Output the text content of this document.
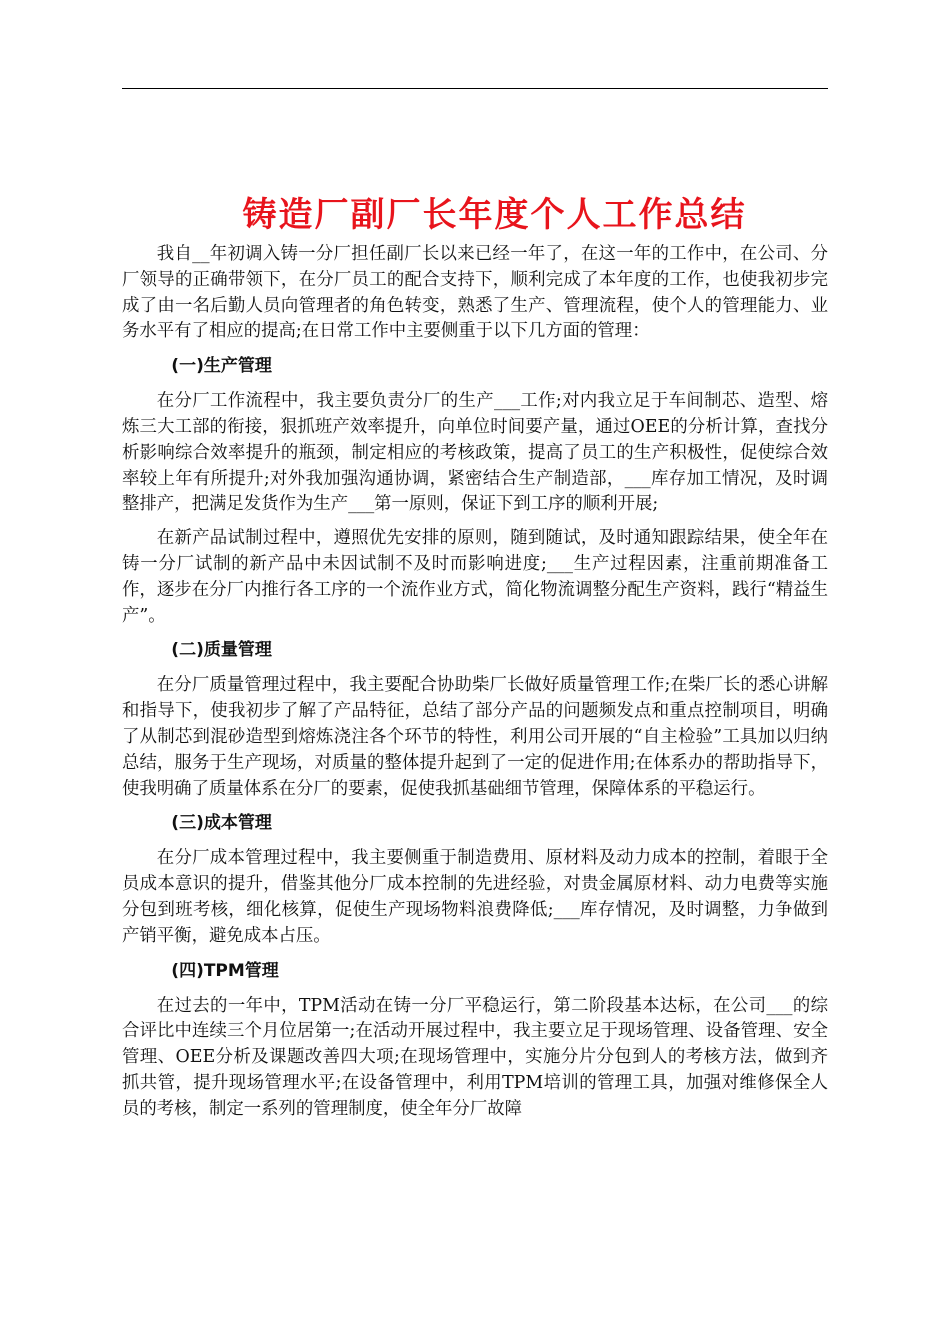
铸造厂副厂长年度个人工作总结

我自__年初调入铸一分厂担任副厂长以来已经一年了，在这一年的工作中，在公司、分厂领导的正确带领下，在分厂员工的配合支持下，顺利完成了本年度的工作，也使我初步完成了由一名后勤人员向管理者的角色转变，熟悉了生产、管理流程，使个人的管理能力、业务水平有了相应的提高;在日常工作中主要侧重于以下几方面的管理：

(一)生产管理

在分厂工作流程中，我主要负责分厂的生产___工作;对内我立足于车间制芯、造型、熔炼三大工部的衔接，狠抓班产效率提升，向单位时间要产量，通过OEE的分析计算，查找分析影响综合效率提升的瓶颈，制定相应的考核政策，提高了员工的生产积极性，促使综合效率较上年有所提升;对外我加强沟通协调，紧密结合生产制造部，___库存加工情况，及时调整排产，把满足发货作为生产___第一原则，保证下到工序的顺利开展;

在新产品试制过程中，遵照优先安排的原则，随到随试，及时通知跟踪结果，使全年在铸一分厂试制的新产品中未因试制不及时而影响进度;___生产过程因素，注重前期准备工作，逐步在分厂内推行各工序的一个流作业方式，简化物流调整分配生产资料，践行“精益生产”。

(二)质量管理

在分厂质量管理过程中，我主要配合协助柴厂长做好质量管理工作;在柴厂长的悉心讲解和指导下，使我初步了解了产品特征，总结了部分产品的问题频发点和重点控制项目，明确了从制芯到混砂造型到熔炼浇注各个环节的特性，利用公司开展的“自主检验”工具加以归纳总结，服务于生产现场，对质量的整体提升起到了一定的促进作用;在体系办的帮助指导下，使我明确了质量体系在分厂的要素，促使我抓基础细节管理，保障体系的平稳运行。

(三)成本管理

在分厂成本管理过程中，我主要侧重于制造费用、原材料及动力成本的控制，着眼于全员成本意识的提升，借鉴其他分厂成本控制的先进经验，对贵金属原材料、动力电费等实施分包到班考核，细化核算，促使生产现场物料浪费降低;___库存情况，及时调整，力争做到产销平衡，避免成本占压。

(四)TPM管理

在过去的一年中，TPM活动在铸一分厂平稳运行，第二阶段基本达标，在公司___的综合评比中连续三个月位居第一;在活动开展过程中，我主要立足于现场管理、设备管理、安全管理、OEE分析及课题改善四大项;在现场管理中，实施分片分包到人的考核方法，做到齐抓共管，提升现场管理水平;在设备管理中，利用TPM培训的管理工具，加强对维修保全人员的考核，制定一系列的管理制度，使全年分厂故障
